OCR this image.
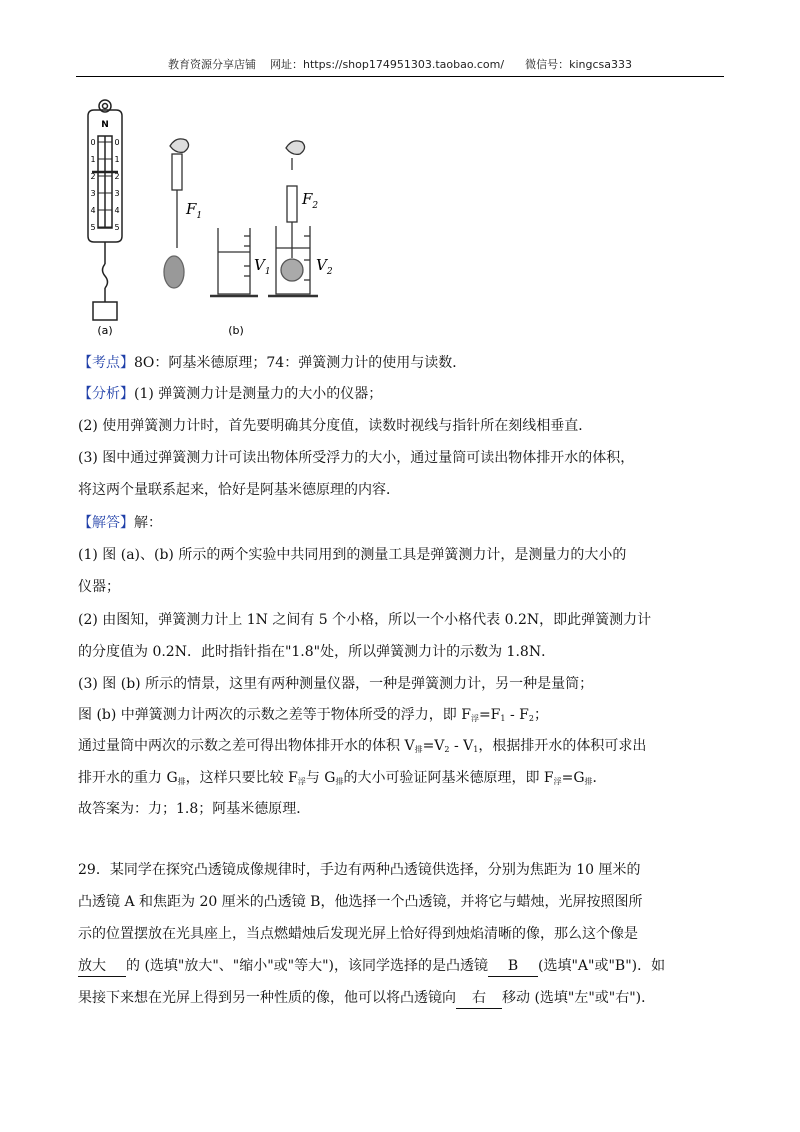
教育资源分享店铺 网址：https://shop174951303.taobao.com/ 微信号：kingcsa333
N
0 0
1 1
2 2
3 3
4 4
5 5
(a)
$F_1$
$V_1$
$F_2$
$V_2$
(b)
【考点】8O：阿基米德原理；74：弹簧测力计的使用与读数．
【分析】(1) 弹簧测力计是测量力的大小的仪器；
(2) 使用弹簧测力计时，首先要明确其分度值，读数时视线与指针所在刻线相垂直．
(3) 图中通过弹簧测力计可读出物体所受浮力的大小，通过量筒可读出物体排开水的体积，
将这两个量联系起来，恰好是阿基米德原理的内容．
【解答】解：
(1) 图 (a)、(b) 所示的两个实验中共同用到的测量工具是弹簧测力计，是测量力的大小的
仪器；
(2) 由图知，弹簧测力计上 1N 之间有 5 个小格，所以一个小格代表 0.2N，即此弹簧测力计
的分度值为 0.2N．此时指针指在"1.8"处，所以弹簧测力计的示数为 1.8N．
(3) 图 (b) 所示的情景，这里有两种测量仪器，一种是弹簧测力计，另一种是量筒；
图 (b) 中弹簧测力计两次的示数之差等于物体所受的浮力，即 F浮=F1 - F2；
通过量筒中两次的示数之差可得出物体排开水的体积 V排=V2 - V1，根据排开水的体积可求出
排开水的重力 G排，这样只要比较 F浮与 G排的大小可验证阿基米德原理，即 F浮=G排．
故答案为：力；1.8；阿基米德原理．
29．某同学在探究凸透镜成像规律时，手边有两种凸透镜供选择，分别为焦距为 10 厘米的
凸透镜 A 和焦距为 20 厘米的凸透镜 B，他选择一个凸透镜，并将它与蜡烛，光屏按照图所
示的位置摆放在光具座上，当点燃蜡烛后发现光屏上恰好得到烛焰清晰的像，那么这个像是
放大 的 (选填"放大"、"缩小"或"等大")，该同学选择的是凸透镜 B (选填"A"或"B")．如
果接下来想在光屏上得到另一种性质的像，他可以将凸透镜向 右 移动 (选填"左"或"右")．
